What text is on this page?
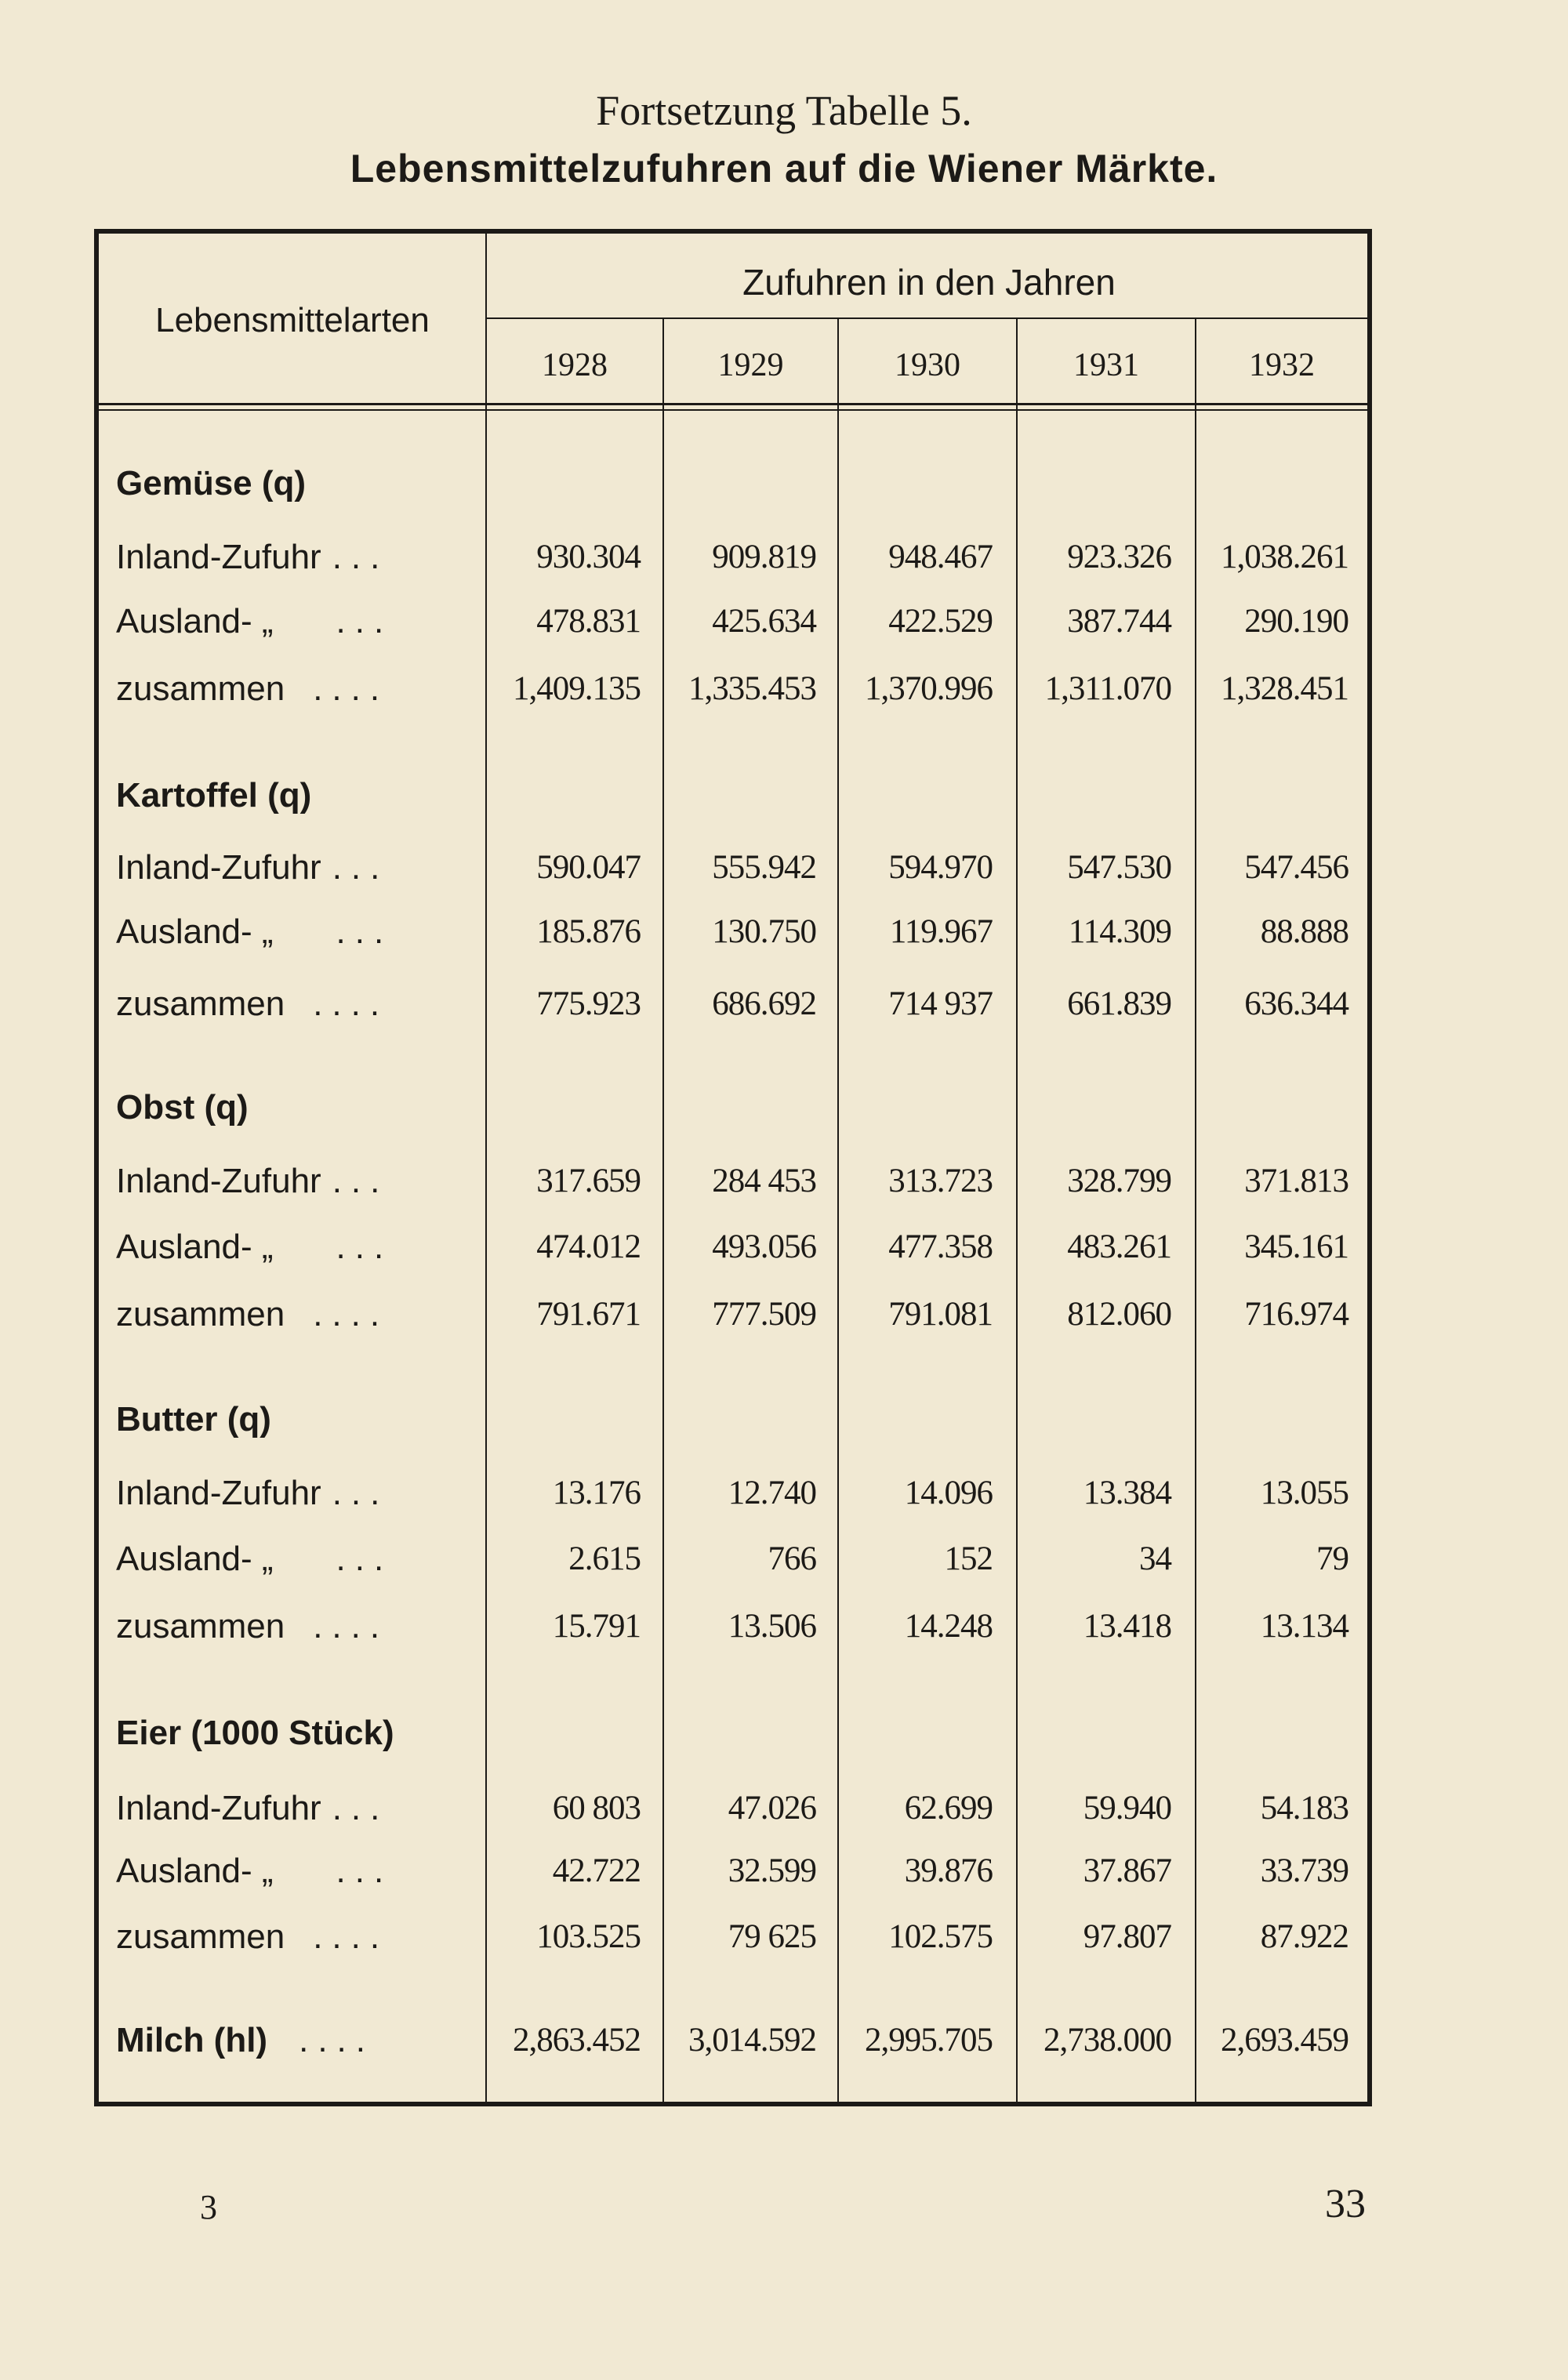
Fortsetzung Tabelle 5.
Lebensmittelzufuhren auf die Wiener Märkte.
Zufuhren in den Jahren
Lebensmittelarten
1928	1929	1930	1931	1932
Gemüse (q)
Inland-Zufuhr ...	930.304	909.819	948.467	923.326	1,038.261
Ausland- „ ...	478.831	425.634	422.529	387.744	290.190
zusammen ....	1,409.135	1,335.453	1,370.996	1,311.070	1,328.451
Kartoffel (q)
Inland-Zufuhr ...	590.047	555.942	594.970	547.530	547.456
Ausland- „ ...	185.876	130.750	119.967	114.309	88.888
zusammen ....	775.923	686.692	714 937	661.839	636.344
Obst (q)
Inland-Zufuhr ...	317.659	284 453	313.723	328.799	371.813
Ausland- „ ...	474.012	493.056	477.358	483.261	345.161
zusammen ....	791.671	777.509	791.081	812.060	716.974
Butter (q)
Inland-Zufuhr ...	13.176	12.740	14.096	13.384	13.055
Ausland- „ ...	2.615	766	152	34	79
zusammen ....	15.791	13.506	14.248	13.418	13.134
Eier (1000 Stück)
Inland-Zufuhr ...	60 803	47.026	62.699	59.940	54.183
Ausland- „ ...	42.722	32.599	39.876	37.867	33.739
zusammen ....	103.525	79 625	102.575	97.807	87.922
Milch (hl) ....	2,863.452	3,014.592	2,995.705	2,738.000	2,693.459
3	33
